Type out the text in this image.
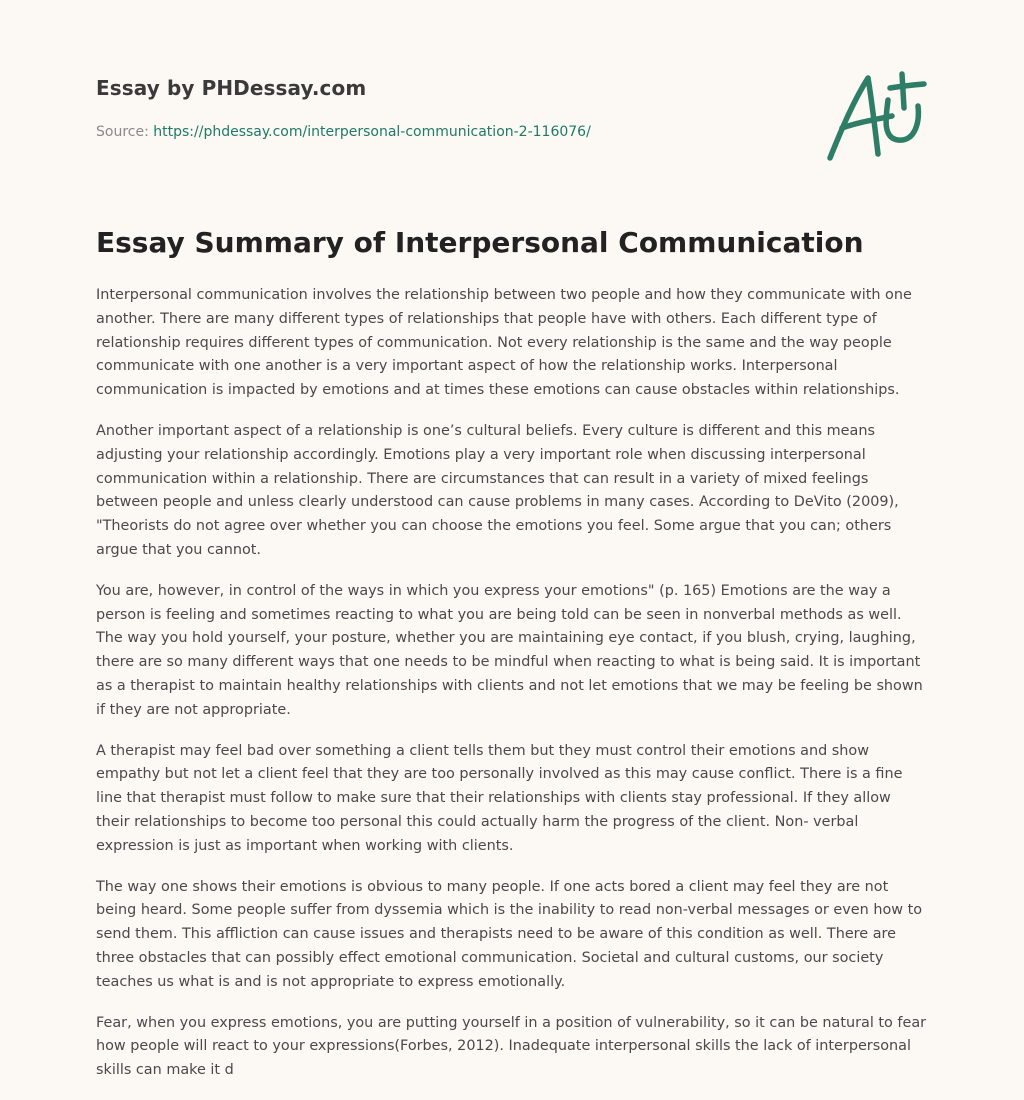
Essay by PHDessay.com
Source: https://phdessay.com/interpersonal-communication-2-116076/
Essay Summary of Interpersonal Communication

Interpersonal communication involves the relationship between two people and how they communicate with one another. There are many different types of relationships that people have with others. Each different type of relationship requires different types of communication. Not every relationship is the same and the way people communicate with one another is a very important aspect of how the relationship works. Interpersonal communication is impacted by emotions and at times these emotions can cause obstacles within relationships.

Another important aspect of a relationship is one’s cultural beliefs. Every culture is different and this means adjusting your relationship accordingly. Emotions play a very important role when discussing interpersonal communication within a relationship. There are circumstances that can result in a variety of mixed feelings between people and unless clearly understood can cause problems in many cases. According to DeVito (2009), "Theorists do not agree over whether you can choose the emotions you feel. Some argue that you can; others argue that you cannot.

You are, however, in control of the ways in which you express your emotions" (p. 165) Emotions are the way a person is feeling and sometimes reacting to what you are being told can be seen in nonverbal methods as well. The way you hold yourself, your posture, whether you are maintaining eye contact, if you blush, crying, laughing, there are so many different ways that one needs to be mindful when reacting to what is being said. It is important as a therapist to maintain healthy relationships with clients and not let emotions that we may be feeling be shown if they are not appropriate.

A therapist may feel bad over something a client tells them but they must control their emotions and show empathy but not let a client feel that they are too personally involved as this may cause conflict. There is a fine line that therapist must follow to make sure that their relationships with clients stay professional. If they allow their relationships to become too personal this could actually harm the progress of the client. Non- verbal expression is just as important when working with clients.

The way one shows their emotions is obvious to many people. If one acts bored a client may feel they are not being heard. Some people suffer from dyssemia which is the inability to read non-verbal messages or even how to send them. This affliction can cause issues and therapists need to be aware of this condition as well. There are three obstacles that can possibly effect emotional communication. Societal and cultural customs, our society teaches us what is and is not appropriate to express emotionally.

Fear, when you express emotions, you are putting yourself in a position of vulnerability, so it can be natural to fear how people will react to your expressions(Forbes, 2012). Inadequate interpersonal skills the lack of interpersonal skills can make it d
